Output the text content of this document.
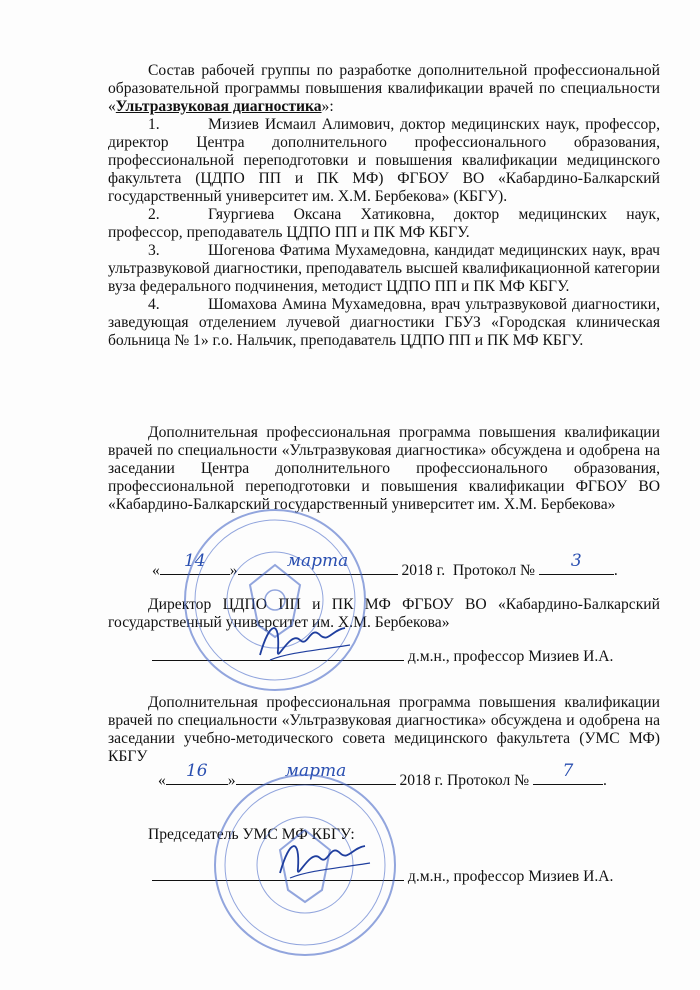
Состав рабочей группы по разработке дополнительной профессиональной образовательной программы повышения квалификации врачей по специальности «Ультразвуковая диагностика»:

1.	Мизиев Исмаил Алимович, доктор медицинских наук, профессор, директор Центра дополнительного профессионального образования, профессиональной переподготовки и повышения квалификации медицинского факультета (ЦДПО ПП и ПК МФ) ФГБОУ ВО «Кабардино-Балкарский государственный университет им. Х.М. Бербекова» (КБГУ).

2.	Гяургиева Оксана Хатиковна, доктор медицинских наук, профессор, преподаватель ЦДПО ПП и ПК МФ КБГУ.

3.	Шогенова Фатима Мухамедовна, кандидат медицинских наук, врач ультразвуковой диагностики, преподаватель высшей квалификационной категории вуза федерального подчинения, методист ЦДПО ПП и ПК МФ КБГУ.

4.	Шомахова Амина Мухамедовна, врач ультразвуковой диагностики, заведующая отделением лучевой диагностики ГБУЗ «Городская клиническая больница № 1» г.о. Нальчик, преподаватель ЦДПО ПП и ПК МФ КБГУ.

Дополнительная профессиональная программа повышения квалификации врачей по специальности «Ультразвуковая диагностика» обсуждена и одобрена на заседании Центра дополнительного профессионального образования, профессиональной переподготовки и повышения квалификации ФГБОУ ВО «Кабардино-Балкарский государственный университет им. Х.М. Бербекова»

«	14	»	марта	2018 г. Протокол №	3	.

Директор ЦДПО ПП и ПК МФ ФГБОУ ВО «Кабардино-Балкарский государственный университет им. Х.М. Бербекова»

д.м.н., профессор Мизиев И.А.

Дополнительная профессиональная программа повышения квалификации врачей по специальности «Ультразвуковая диагностика» обсуждена и одобрена на заседании учебно-методического совета медицинского факультета (УМС МФ) КБГУ

«	16	»	марта	2018 г. Протокол №	7	.
Председатель УМС МФ КБГУ:
д.м.н., профессор Мизиев И.А.
